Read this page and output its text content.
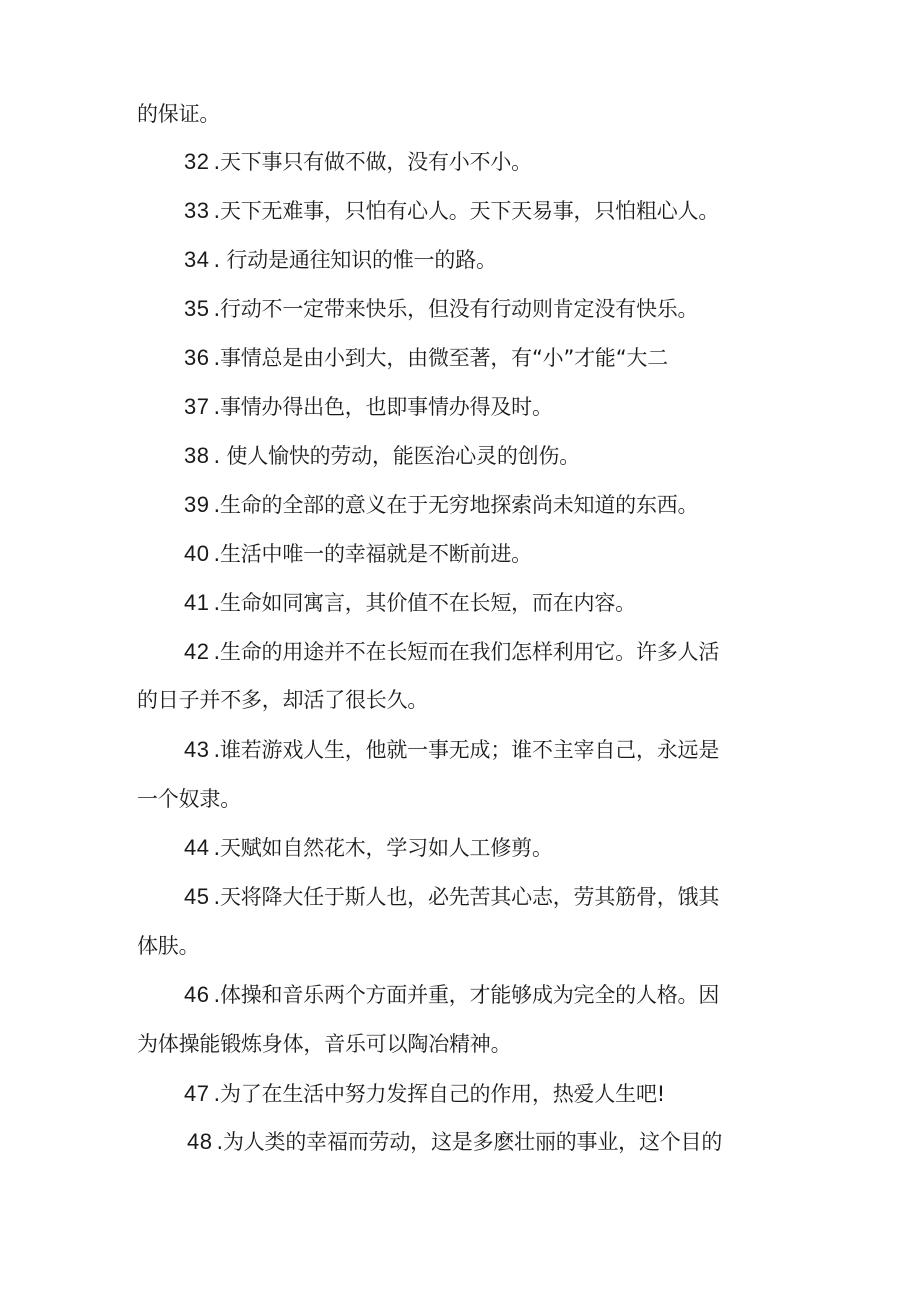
的保证。
32 .天下事只有做不做，没有小不小。
33 .天下无难事，只怕有心人。天下天易事，只怕粗心人。
34 . 行动是通往知识的惟一的路。
35 .行动不一定带来快乐，但没有行动则肯定没有快乐。
36 .事情总是由小到大，由微至著，有“小”才能“大二
37 .事情办得出色，也即事情办得及时。
38 . 使人愉快的劳动，能医治心灵的创伤。
39 .生命的全部的意义在于无穷地探索尚未知道的东西。
40 .生活中唯一的幸福就是不断前进。
41 .生命如同寓言，其价值不在长短，而在内容。
42 .生命的用途并不在长短而在我们怎样利用它。许多人活
的日子并不多，却活了很长久。
43 .谁若游戏人生，他就一事无成；谁不主宰自己，永远是
一个奴隶。
44 .天赋如自然花木，学习如人工修剪。
45 .天将降大任于斯人也，必先苦其心志，劳其筋骨，饿其
体肤。
46 .体操和音乐两个方面并重，才能够成为完全的人格。因
为体操能锻炼身体，音乐可以陶冶精神。
47 .为了在生活中努力发挥自己的作用，热爱人生吧!
48 .为人类的幸福而劳动，这是多麽壮丽的事业，这个目的
